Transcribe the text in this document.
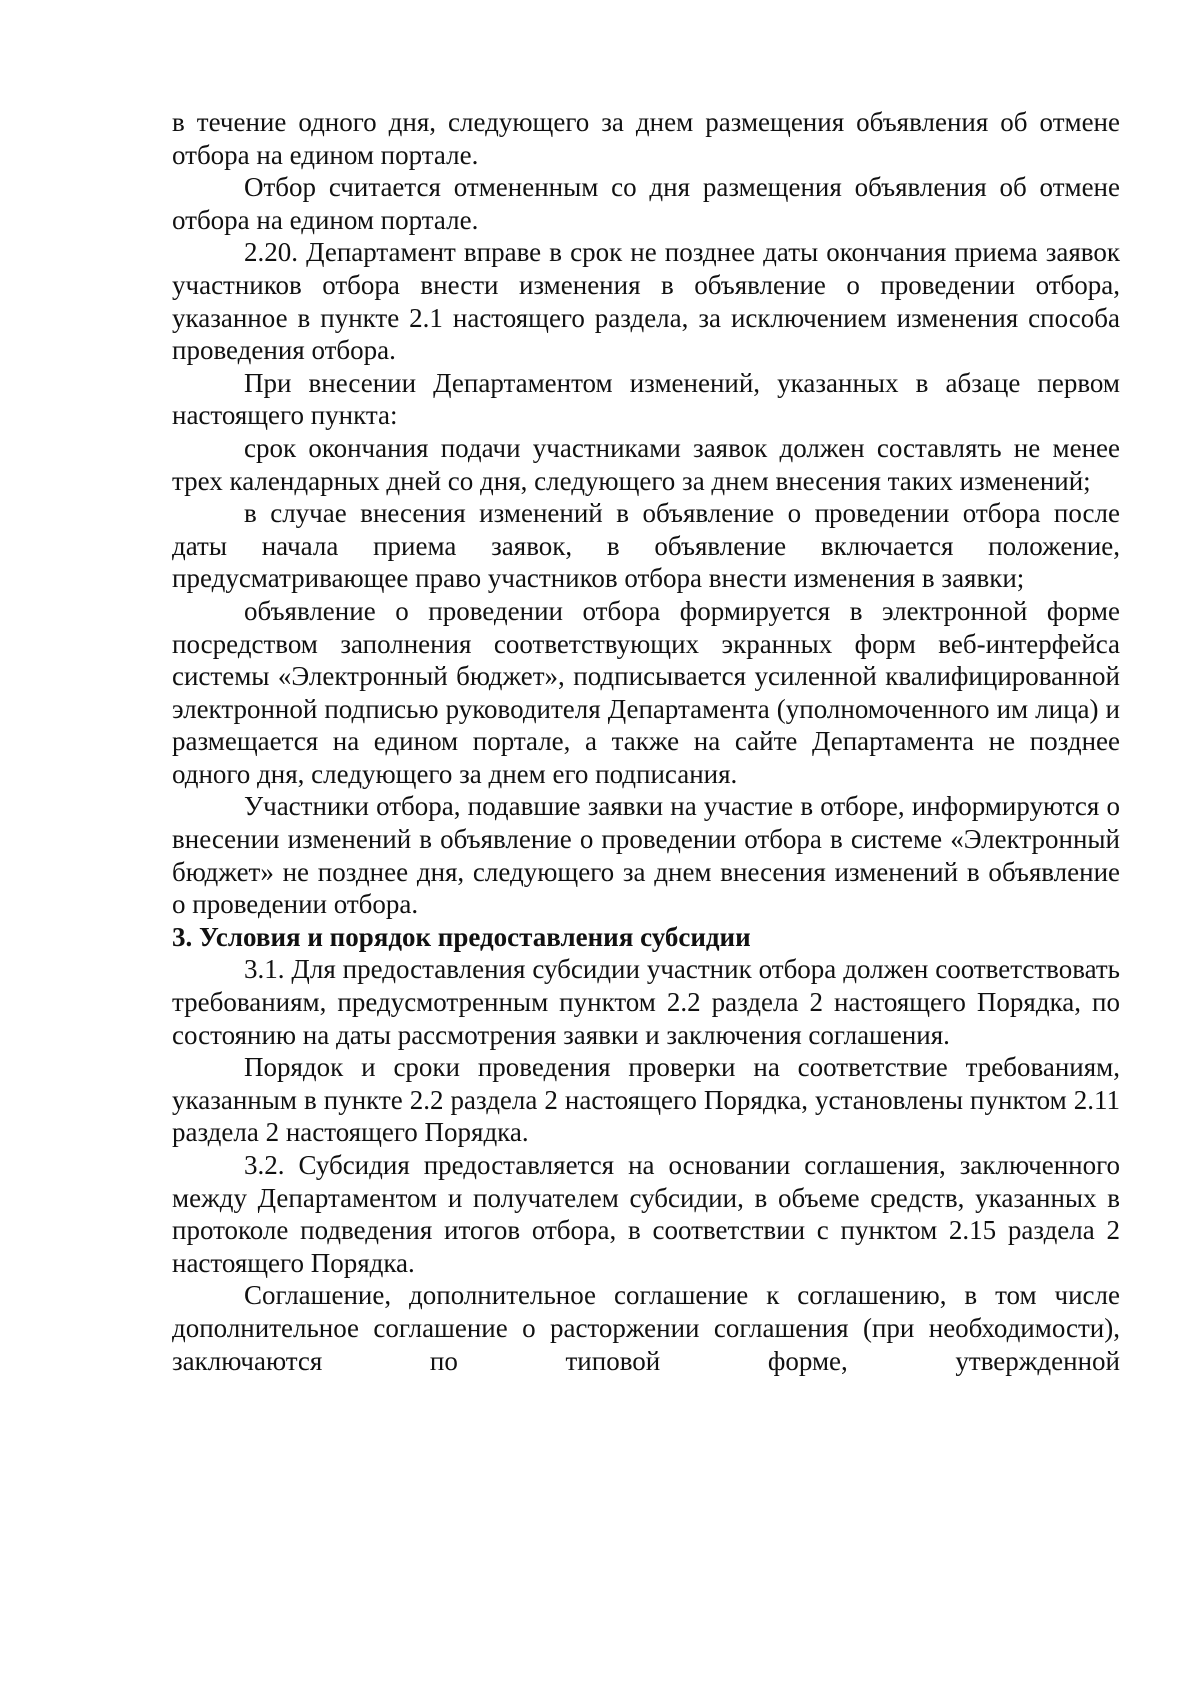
в течение одного дня, следующего за днем размещения объявления об отмене отбора на едином портале.

Отбор считается отмененным со дня размещения объявления об отмене отбора на едином портале.

2.20. Департамент вправе в срок не позднее даты окончания приема заявок участников отбора внести изменения в объявление о проведении отбора, указанное в пункте 2.1 настоящего раздела, за исключением изменения способа проведения отбора.

При внесении Департаментом изменений, указанных в абзаце первом настоящего пункта:

срок окончания подачи участниками заявок должен составлять не менее трех календарных дней со дня, следующего за днем внесения таких изменений;

в случае внесения изменений в объявление о проведении отбора после даты начала приема заявок, в объявление включается положение, предусматривающее право участников отбора внести изменения в заявки;

объявление о проведении отбора формируется в электронной форме посредством заполнения соответствующих экранных форм веб-интерфейса системы «Электронный бюджет», подписывается усиленной квалифицированной электронной подписью руководителя Департамента (уполномоченного им лица) и размещается на едином портале, а также на сайте Департамента не позднее одного дня, следующего за днем его подписания.

Участники отбора, подавшие заявки на участие в отборе, информируются о внесении изменений в объявление о проведении отбора в системе «Электронный бюджет» не позднее дня, следующего за днем внесения изменений в объявление о проведении отбора.

3. Условия и порядок предоставления субсидии

3.1. Для предоставления субсидии участник отбора должен соответствовать требованиям, предусмотренным пунктом 2.2 раздела 2 настоящего Порядка, по состоянию на даты рассмотрения заявки и заключения соглашения.

Порядок и сроки проведения проверки на соответствие требованиям, указанным в пункте 2.2 раздела 2 настоящего Порядка, установлены пунктом 2.11 раздела 2 настоящего Порядка.

3.2. Субсидия предоставляется на основании соглашения, заключенного между Департаментом и получателем субсидии, в объеме средств, указанных в протоколе подведения итогов отбора, в соответствии с пунктом 2.15 раздела 2 настоящего Порядка.

Соглашение, дополнительное соглашение к соглашению, в том числе дополнительное соглашение о расторжении соглашения (при необходимости), заключаются по типовой форме, утвержденной
